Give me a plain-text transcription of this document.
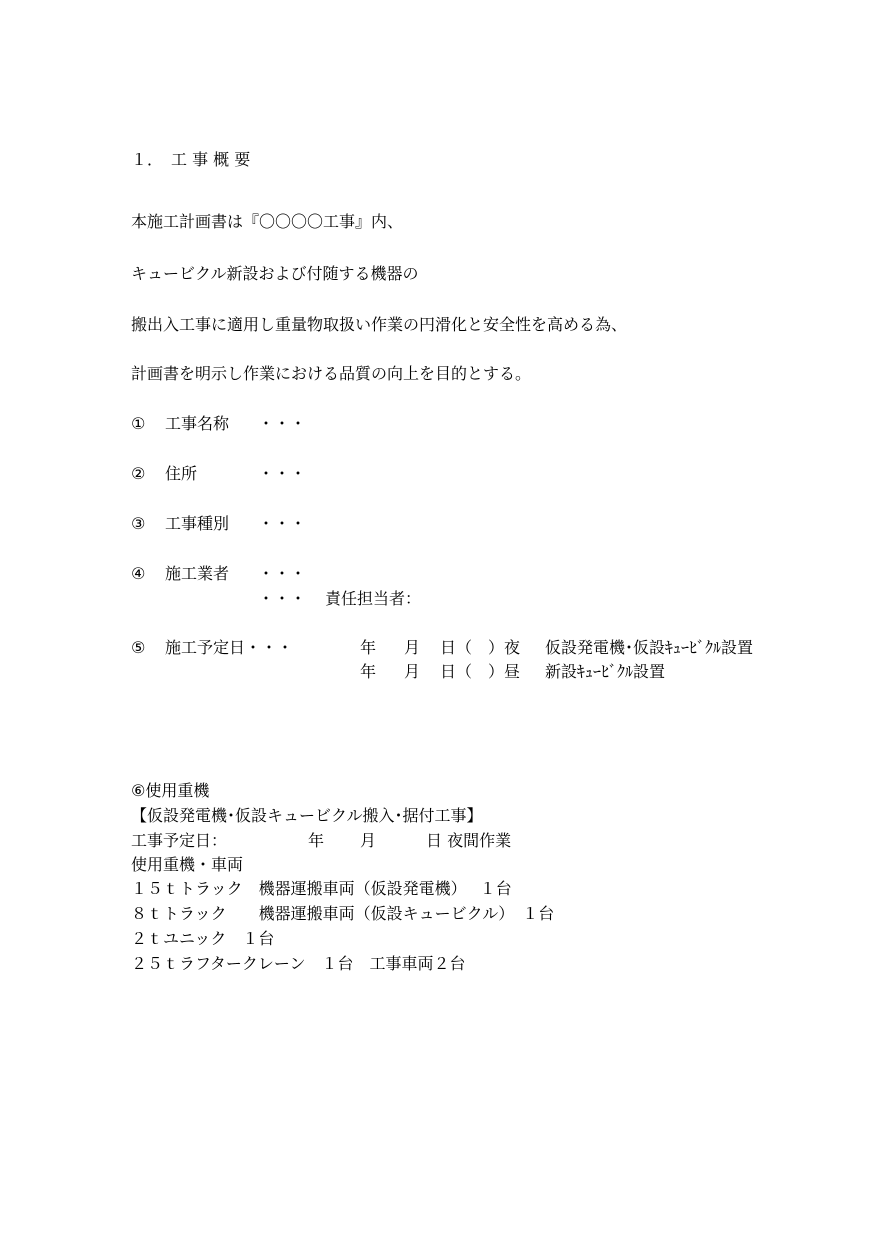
１．　工 事 概 要
本施工計画書は『〇〇〇〇工事』内、
キュービクル新設および付随する機器の
搬出入工事に適用し重量物取扱い作業の円滑化と安全性を高める為、
計画書を明示し作業における品質の向上を目的とする。
① 工事名称 ・・・
② 住所	・・・
③ 工事種別 ・・・
④ 施工業者 ・・・
・・・ 責任担当者：
⑤ 施工予定日・・・	年 月 日（　）夜 仮設発電機･仮設ｷｭｰﾋﾞｸﾙ設置
年 月 日（　）昼 新設ｷｭｰﾋﾞｸﾙ設置
⑥使用重機
【仮設発電機･仮設キュービクル搬入･据付工事】
工事予定日：	年 月	日 夜間作業
使用重機・車両
１５ｔトラック　機器運搬車両（仮設発電機）　 １台
８ｔトラック　　機器運搬車両（仮設キュービクル）　１台
２ｔユニック　１台
２５ｔラフタークレーン　１台　工事車両２台
